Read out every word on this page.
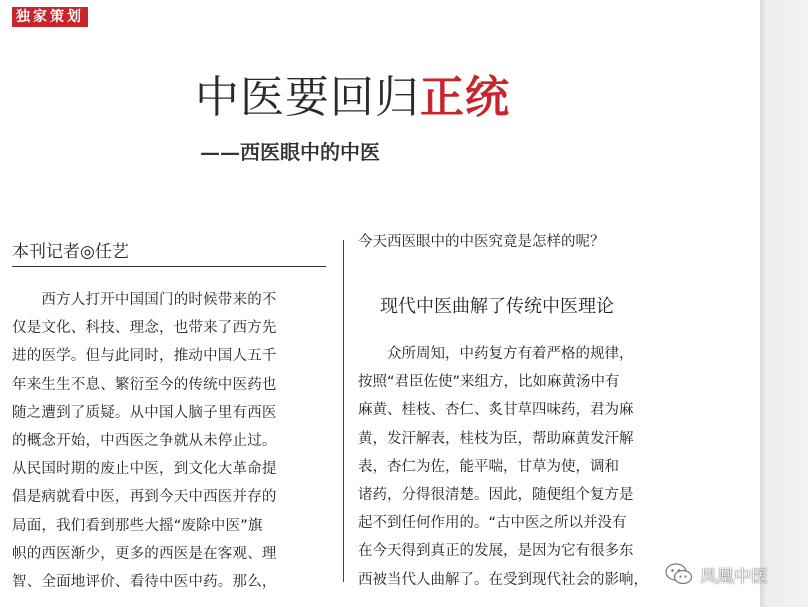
独家策划
中医要回归正统
——西医眼中的中医
本刊记者◎任艺
　　西方人打开中国国门的时候带来的不
仅是文化、科技、理念，也带来了西方先
进的医学。但与此同时，推动中国人五千
年来生生不息、繁衍至今的传统中医药也
随之遭到了质疑。从中国人脑子里有西医
的概念开始，中西医之争就从未停止过。
从民国时期的废止中医，到文化大革命提
倡是病就看中医，再到今天中西医并存的
局面，我们看到那些大摇“废除中医”旗
帜的西医渐少，更多的西医是在客观、理
智、全面地评价、看待中医中药。那么，
今天西医眼中的中医究竟是怎样的呢？
现代中医曲解了传统中医理论
　　众所周知，中药复方有着严格的规律，
按照“君臣佐使”来组方，比如麻黄汤中有
麻黄、桂枝、杏仁、炙甘草四味药，君为麻
黄，发汗解表，桂枝为臣，帮助麻黄发汗解
表，杏仁为佐，能平喘，甘草为使，调和
诸药，分得很清楚。因此，随便组个复方是
起不到任何作用的。“古中医之所以并没有
在今天得到真正的发展，是因为它有很多东
西被当代人曲解了。在受到现代社会的影响，	凤凰中医
